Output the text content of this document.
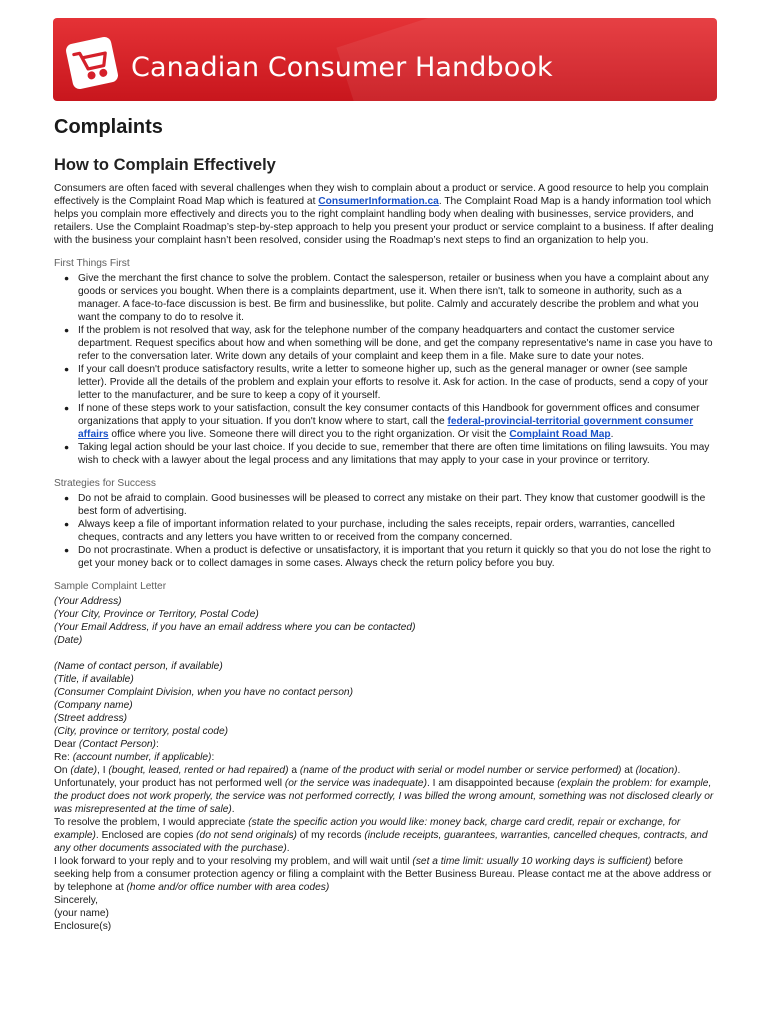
Canadian Consumer Handbook
Complaints
How to Complain Effectively

Consumers are often faced with several challenges when they wish to complain about a product or service. A good resource to help you complain effectively is the Complaint Road Map which is featured at ConsumerInformation.ca. The Complaint Road Map is a handy information tool which helps you complain more effectively and directs you to the right complaint handling body when dealing with businesses, service providers, and retailers. Use the Complaint Roadmap’s step-by-step approach to help you present your product or service complaint to a business. If after dealing with the business your complaint hasn’t been resolved, consider using the Roadmap’s next steps to find an organization to help you.

First Things First
● Give the merchant the first chance to solve the problem. Contact the salesperson, retailer or business when you have a complaint about any goods or services you bought. When there is a complaints department, use it. When there isn't, talk to someone in authority, such as a manager. A face-to-face discussion is best. Be firm and businesslike, but polite. Calmly and accurately describe the problem and what you want the company to do to resolve it.
● If the problem is not resolved that way, ask for the telephone number of the company headquarters and contact the customer service department. Request specifics about how and when something will be done, and get the company representative's name in case you have to refer to the conversation later. Write down any details of your complaint and keep them in a file. Make sure to date your notes.
● If your call doesn't produce satisfactory results, write a letter to someone higher up, such as the general manager or owner (see sample letter). Provide all the details of the problem and explain your efforts to resolve it. Ask for action. In the case of products, send a copy of your letter to the manufacturer, and be sure to keep a copy of it yourself.
● If none of these steps work to your satisfaction, consult the key consumer contacts of this Handbook for government offices and consumer organizations that apply to your situation. If you don't know where to start, call the federal-provincial-territorial government consumer affairs office where you live. Someone there will direct you to the right organization. Or visit the Complaint Road Map.
● Taking legal action should be your last choice. If you decide to sue, remember that there are often time limitations on filing lawsuits. You may wish to check with a lawyer about the legal process and any limitations that may apply to your case in your province or territory.
Strategies for Success
● Do not be afraid to complain. Good businesses will be pleased to correct any mistake on their part. They know that customer goodwill is the best form of advertising.
● Always keep a file of important information related to your purchase, including the sales receipts, repair orders, warranties, cancelled cheques, contracts and any letters you have written to or received from the company concerned.
● Do not procrastinate. When a product is defective or unsatisfactory, it is important that you return it quickly so that you do not lose the right to get your money back or to collect damages in some cases. Always check the return policy before you buy.
Sample Complaint Letter
(Your Address)
(Your City, Province or Territory, Postal Code)
(Your Email Address, if you have an email address where you can be contacted)
(Date)
(Name of contact person, if available)
(Title, if available)
(Consumer Complaint Division, when you have no contact person)
(Company name)
(Street address)
(City, province or territory, postal code)
Dear (Contact Person):
Re: (account number, if applicable):

On (date), I (bought, leased, rented or had repaired) a (name of the product with serial or model number or service performed) at (location).

Unfortunately, your product has not performed well (or the service was inadequate). I am disappointed because (explain the problem: for example, the product does not work properly, the service was not performed correctly, I was billed the wrong amount, something was not disclosed clearly or was misrepresented at the time of sale).

To resolve the problem, I would appreciate (state the specific action you would like: money back, charge card credit, repair or exchange, for example). Enclosed are copies (do not send originals) of my records (include receipts, guarantees, warranties, cancelled cheques, contracts, and any other documents associated with the purchase).

I look forward to your reply and to your resolving my problem, and will wait until (set a time limit: usually 10 working days is sufficient) before seeking help from a consumer protection agency or filing a complaint with the Better Business Bureau. Please contact me at the above address or by telephone at (home and/or office number with area codes)

Sincerely,
(your name)
Enclosure(s)
